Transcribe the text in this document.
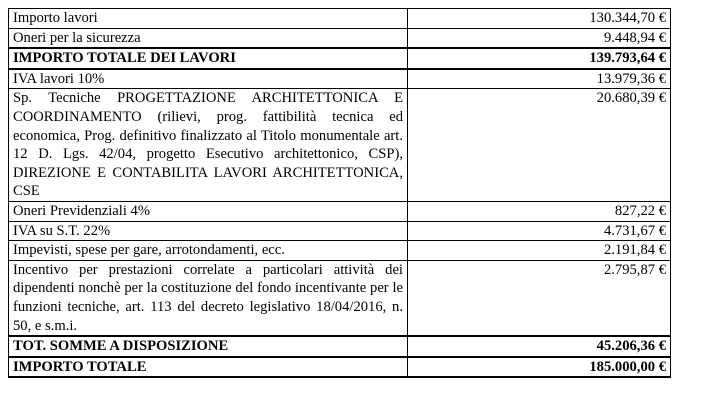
Importo lavori	130.344,70 €
Oneri per la sicurezza	9.448,94 €
IMPORTO TOTALE DEI LAVORI	139.793,64 €
IVA lavori 10%	13.979,36 €
Sp. Tecniche PROGETTAZIONE ARCHITETTONICA E COORDINAMENTO (rilievi, prog. fattibilità tecnica ed economica, Prog. definitivo finalizzato al Titolo monumentale art. 12 D. Lgs. 42/04, progetto Esecutivo architettonico, CSP), DIREZIONE E CONTABILITA LAVORI ARCHITETTONICA, CSE	20.680,39 €
Oneri Previdenziali 4%	827,22 €
IVA su S.T. 22%	4.731,67 €
Impevisti, spese per gare, arrotondamenti, ecc.	2.191,84 €
Incentivo per prestazioni correlate a particolari attività dei dipendenti nonchè per la costituzione del fondo incentivante per le funzioni tecniche, art. 113 del decreto legislativo 18/04/2016, n. 50, e s.m.i.	2.795,87 €
TOT. SOMME A DISPOSIZIONE	45.206,36 €
IMPORTO TOTALE	185.000,00 €
